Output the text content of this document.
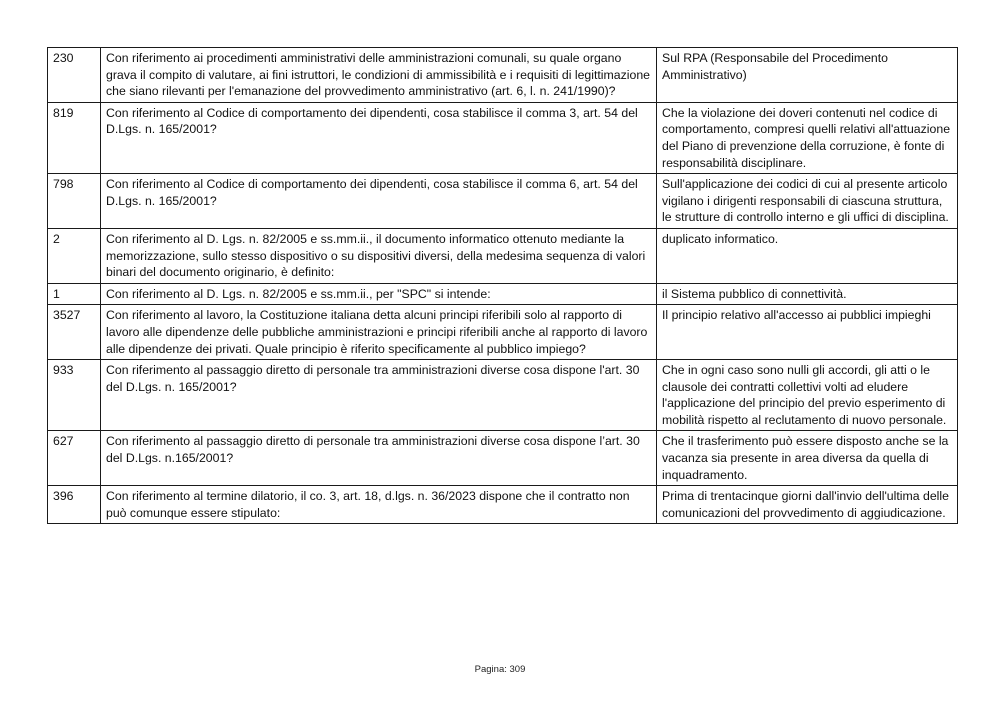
230	Con riferimento ai procedimenti amministrativi delle amministrazioni comunali, su quale organo grava il compito di valutare, ai fini istruttori, le condizioni di ammissibilità e i requisiti di legittimazione che siano rilevanti per l'emanazione del provvedimento amministrativo (art. 6, l. n. 241/1990)?	Sul RPA (Responsabile del Procedimento Amministrativo)
819	Con riferimento al Codice di comportamento dei dipendenti, cosa stabilisce il comma 3, art. 54 del D.Lgs. n. 165/2001?	Che la violazione dei doveri contenuti nel codice di comportamento, compresi quelli relativi all'attuazione del Piano di prevenzione della corruzione, è fonte di responsabilità disciplinare.
798	Con riferimento al Codice di comportamento dei dipendenti, cosa stabilisce il comma 6, art. 54 del D.Lgs. n. 165/2001?	Sull'applicazione dei codici di cui al presente articolo vigilano i dirigenti responsabili di ciascuna struttura, le strutture di controllo interno e gli uffici di disciplina.
2	Con riferimento al D. Lgs. n. 82/2005 e ss.mm.ii., il documento informatico ottenuto mediante la memorizzazione, sullo stesso dispositivo o su dispositivi diversi, della medesima sequenza di valori binari del documento originario, è definito:	duplicato informatico.
1	Con riferimento al D. Lgs. n. 82/2005 e ss.mm.ii., per "SPC" si intende:	il Sistema pubblico di connettività.
3527	Con riferimento al lavoro, la Costituzione italiana detta alcuni principi riferibili solo al rapporto di lavoro alle dipendenze delle pubbliche amministrazioni e principi riferibili anche al rapporto di lavoro alle dipendenze dei privati. Quale principio è riferito specificamente al pubblico impiego?	Il principio relativo all'accesso ai pubblici impieghi
933	Con riferimento al passaggio diretto di personale tra amministrazioni diverse cosa dispone l'art. 30 del D.Lgs. n. 165/2001?	Che in ogni caso sono nulli gli accordi, gli atti o le clausole dei contratti collettivi volti ad eludere l'applicazione del principio del previo esperimento di mobilità rispetto al reclutamento di nuovo personale.
627	Con riferimento al passaggio diretto di personale tra amministrazioni diverse cosa dispone l’art. 30 del D.Lgs. n.165/2001?	Che il trasferimento può essere disposto anche se la vacanza sia presente in area diversa da quella di inquadramento.
396	Con riferimento al termine dilatorio, il co. 3, art. 18, d.lgs. n. 36/2023 dispone che il contratto non può comunque essere stipulato:	Prima di trentacinque giorni dall'invio dell'ultima delle comunicazioni del provvedimento di aggiudicazione.
Pagina: 309
